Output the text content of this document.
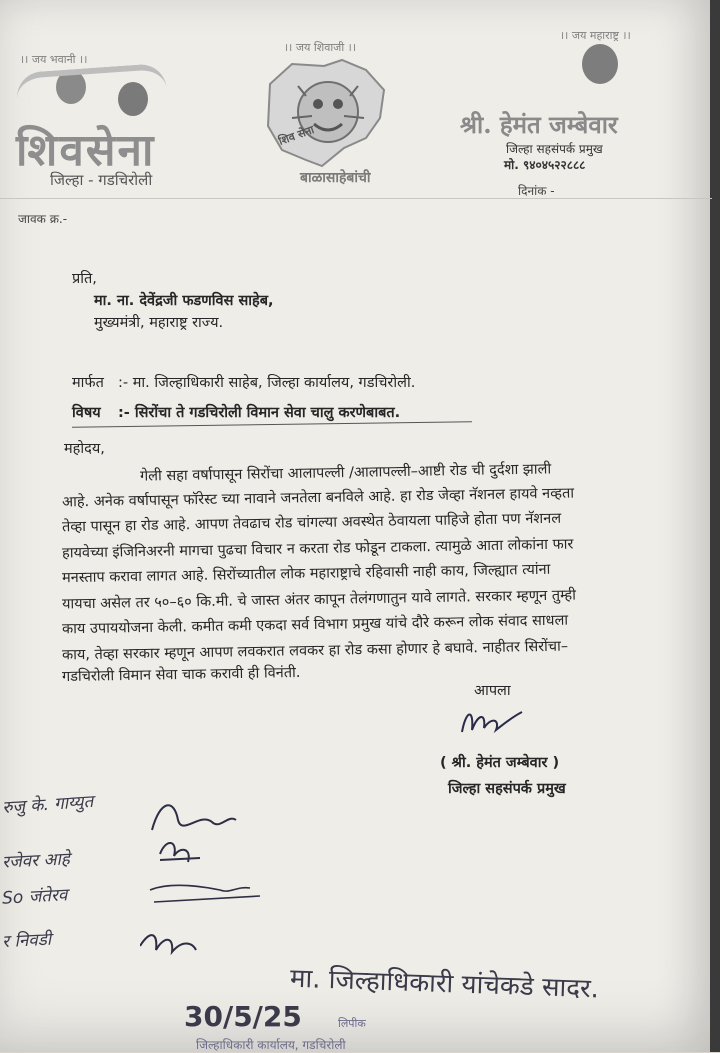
।। जय भवानी ।।
शिवसेना
जिल्हा - गडचिरोली
।। जय शिवाजी ।।
शिव सेना
बाळासाहेबांची
।। जय महाराष्ट्र ।।
श्री. हेमंत जम्बेवार
जिल्हा सहसंपर्क प्रमुख
मो. ९४०४५२२८८८
दिनांक -
जावक क्र.-
प्रति,
मा. ना. देवेंद्रजी फडणविस साहेब,
मुख्यमंत्री, महाराष्ट्र राज्य.
मार्फत :- मा. जिल्हाधिकारी साहेब, जिल्हा कार्यालय, गडचिरोली.
विषय :- सिरोंचा ते गडचिरोली विमान सेवा चालु करणेबाबत.
महोदय,
गेली सहा वर्षापासून सिरोंचा आलापल्ली /आलापल्ली–आष्टी रोड ची दुर्दशा झाली
आहे. अनेक वर्षापासून फॉरेस्ट च्या नावाने जनतेला बनविले आहे. हा रोड जेव्हा नॅशनल हायवे नव्हता
तेव्हा पासून हा रोड आहे. आपण तेवढाच रोड चांगल्या अवस्थेत ठेवायला पाहिजे होता पण नॅशनल
हायवेच्या इंजिनिअरनी मागचा पुढचा विचार न करता रोड फोडून टाकला. त्यामुळे आता लोकांना फार
मनस्ताप करावा लागत आहे. सिरोंच्यातील लोक महाराष्ट्राचे रहिवासी नाही काय, जिल्ह्यात त्यांना
यायचा असेल तर ५०–६० कि.मी. चे जास्त अंतर कापून तेलंगणातुन यावे लागते. सरकार म्हणून तुम्ही
काय उपाययोजना केली. कमीत कमी एकदा सर्व विभाग प्रमुख यांचे दौरे करून लोक संवाद साधला
काय, तेव्हा सरकार म्हणून आपण लवकरात लवकर हा रोड कसा होणार हे बघावे. नाहीतर सिरोंचा–
गडचिरोली विमान सेवा चाक करावी ही विनंती.
आपला
( श्री. हेमंत जम्बेवार )
जिल्हा सहसंपर्क प्रमुख
रुजु के. गाय्युत
रजेवर आहे
So जंतेरव
र निवडी
मा. जिल्हाधिकारी यांचेकडे सादर.
30/5/25	लिपीक
जिल्हाधिकारी कार्यालय, गडचिरोली
